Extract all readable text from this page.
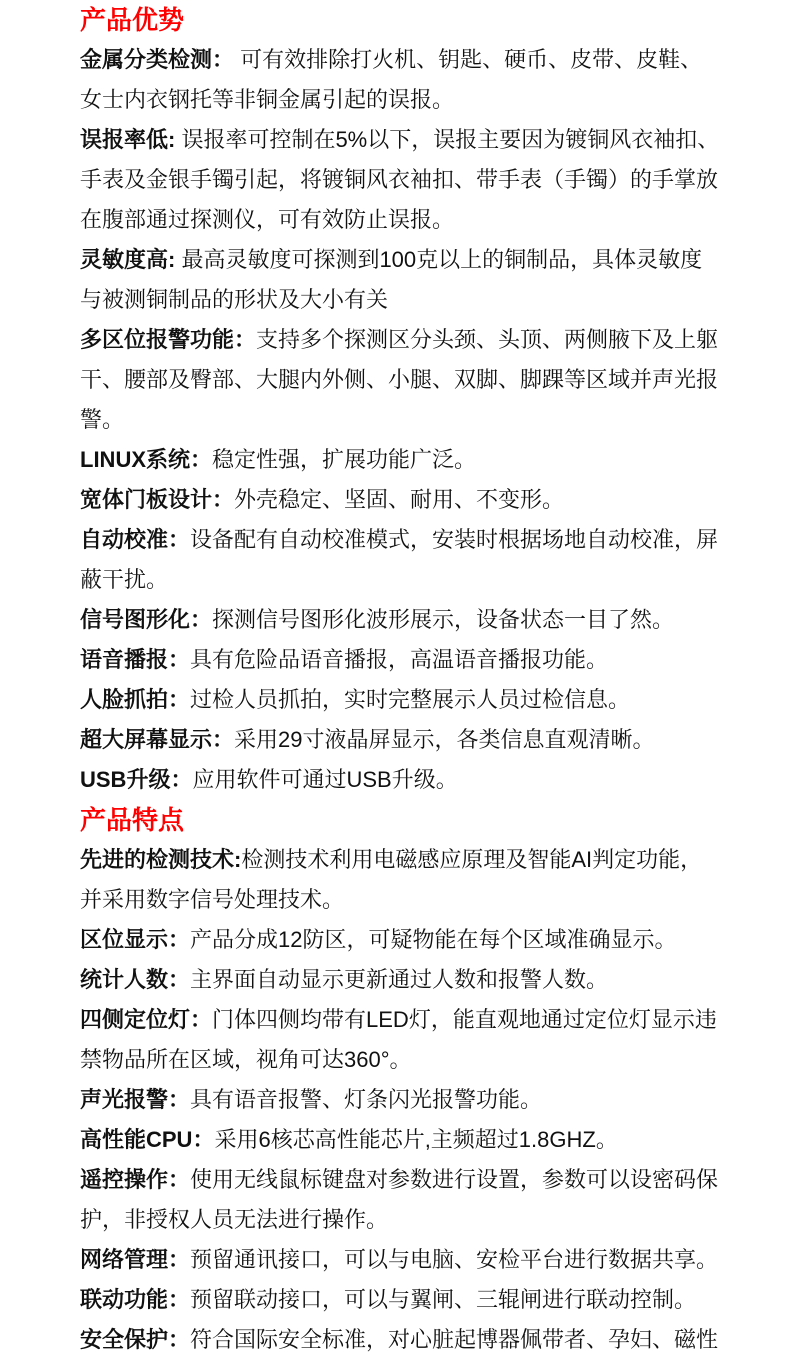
产品优势

金属分类检测： 可有效排除打火机、钥匙、硬币、皮带、皮鞋、女士内衣钢托等非铜金属引起的误报。

误报率低: 误报率可控制在5%以下，误报主要因为镀铜风衣袖扣、手表及金银手镯引起，将镀铜风衣袖扣、带手表（手镯）的手掌放在腹部通过探测仪，可有效防止误报。

灵敏度高: 最高灵敏度可探测到100克以上的铜制品，具体灵敏度与被测铜制品的形状及大小有关

多区位报警功能：支持多个探测区分头颈、头顶、两侧腋下及上躯干、腰部及臀部、大腿内外侧、小腿、双脚、脚踝等区域并声光报警。

LINUX系统：稳定性强，扩展功能广泛。

宽体门板设计：外壳稳定、坚固、耐用、不变形。

自动校准：设备配有自动校准模式，安装时根据场地自动校准，屏蔽干扰。

信号图形化：探测信号图形化波形展示，设备状态一目了然。

语音播报：具有危险品语音播报，高温语音播报功能。

人脸抓拍：过检人员抓拍，实时完整展示人员过检信息。

超大屏幕显示：采用29寸液晶屏显示，各类信息直观清晰。

USB升级：应用软件可通过USB升级。

产品特点

先进的检测技术:检测技术利用电磁感应原理及智能AI判定功能，并采用数字信号处理技术。

区位显示：产品分成12防区，可疑物能在每个区域准确显示。

统计人数：主界面自动显示更新通过人数和报警人数。

四侧定位灯：门体四侧均带有LED灯，能直观地通过定位灯显示违禁物品所在区域，视角可达360°。

声光报警：具有语音报警、灯条闪光报警功能。

高性能CPU：采用6核芯高性能芯片,主频超过1.8GHZ。

遥控操作：使用无线鼠标键盘对参数进行设置，参数可以设密码保护，非授权人员无法进行操作。

网络管理：预留通讯接口，可以与电脑、安检平台进行数据共享。

联动功能：预留联动接口，可以与翼闸、三辊闸进行联动控制。

安全保护：符合国际安全标准，对心脏起博器佩带者、孕妇、磁性
